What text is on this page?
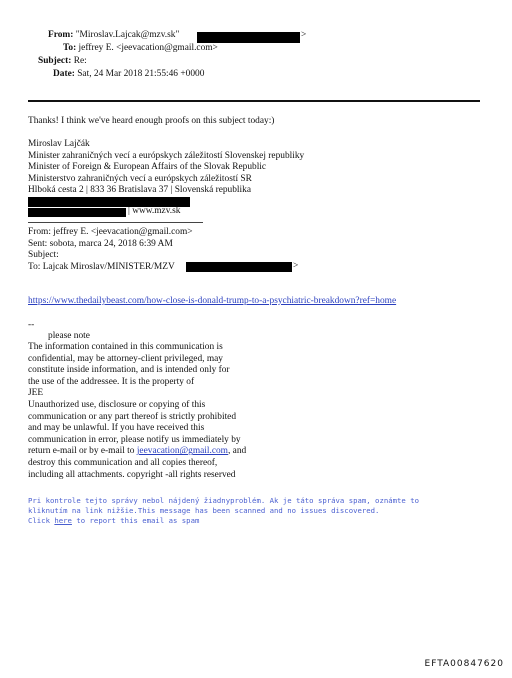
From: "Miroslav.Lajcak@mzv.sk"	>
To: jeffrey E. <jeevacation@gmail.com>
Subject: Re:
Date: Sat, 24 Mar 2018 21:55:46 +0000
Thanks! I think we've heard enough proofs on this subject today:)
Miroslav Lajčák
Minister zahraničných vecí a európskych záležitostí Slovenskej republiky
Minister of Foreign & European Affairs of the Slovak Republic
Ministerstvo zahraničných vecí a európskych záležitostí SR
Hlboká cesta 2 | 833 36 Bratislava 37 | Slovenská republika
| www.mzv.sk
From: jeffrey E. <jeevacation@gmail.com>
Sent: sobota, marca 24, 2018 6:39 AM
Subject:
To: Lajcak Miroslav/MINISTER/MZV	>
https://www.thedailybeast.com/how-close-is-donald-trump-to-a-psychiatric-breakdown?ref=home
--
please note
The information contained in this communication is
confidential, may be attorney-client privileged, may
constitute inside information, and is intended only for
the use of the addressee. It is the property of
JEE
Unauthorized use, disclosure or copying of this
communication or any part thereof is strictly prohibited
and may be unlawful. If you have received this
communication in error, please notify us immediately by
return e-mail or by e-mail to jeevacation@gmail.com, and
destroy this communication and all copies thereof,
including all attachments. copyright -all rights reserved
Pri kontrole tejto správy nebol nájdený žiadnyproblém. Ak je táto správa spam, oznámte to
kliknutím na link nižšie.This message has been scanned and no issues discovered.
Click here to report this email as spam
EFTA00847620
